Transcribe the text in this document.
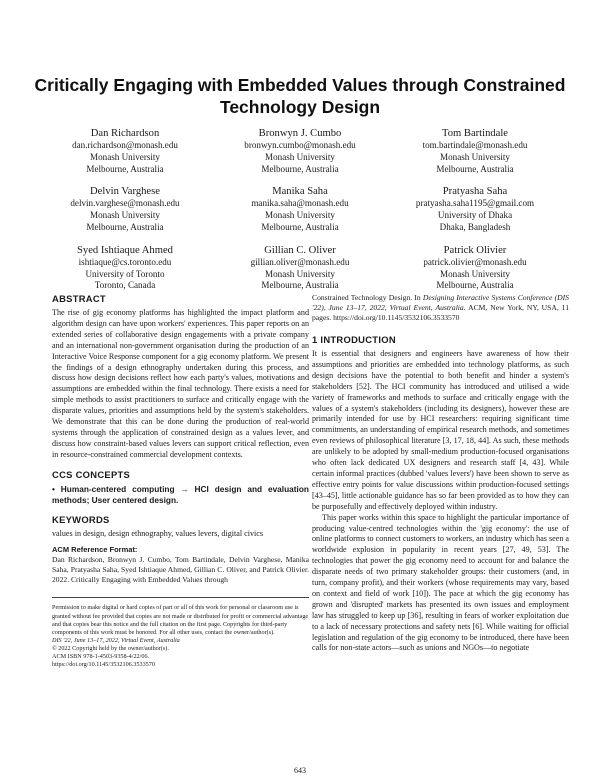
Critically Engaging with Embedded Values through Constrained Technology Design
Dan Richardson
dan.richardson@monash.edu
Monash University
Melbourne, Australia
Bronwyn J. Cumbo
bronwyn.cumbo@monash.edu
Monash University
Melbourne, Australia
Tom Bartindale
tom.bartindale@monash.edu
Monash University
Melbourne, Australia
Delvin Varghese
delvin.varghese@monash.edu
Monash University
Melbourne, Australia
Manika Saha
manika.saha@monash.edu
Monash University
Melbourne, Australia
Pratyasha Saha
pratyasha.saha1195@gmail.com
University of Dhaka
Dhaka, Bangladesh
Syed Ishtiaque Ahmed
ishtiaque@cs.toronto.edu
University of Toronto
Toronto, Canada
Gillian C. Oliver
gillian.oliver@monash.edu
Monash University
Melbourne, Australia
Patrick Olivier
patrick.olivier@monash.edu
Monash University
Melbourne, Australia
ABSTRACT

The rise of gig economy platforms has highlighted the impact platform and algorithm design can have upon workers' experiences. This paper reports on an extended series of collaborative design engagements with a private company and an international non-government organisation during the production of an Interactive Voice Response component for a gig economy platform. We present the findings of a design ethnography undertaken during this process, and discuss how design decisions reflect how each party's values, motivations and assumptions are embedded within the final technology. There exists a need for simple methods to assist practitioners to surface and critically engage with the disparate values, priorities and assumptions held by the system's stakeholders. We demonstrate that this can be done during the production of real-world systems through the application of constrained design as a values lever, and discuss how constraint-based values levers can support critical reflection, even in resource-constrained commercial development contexts.

CCS CONCEPTS

• Human-centered computing → HCI design and evaluation methods; User centered design.

KEYWORDS

values in design, design ethnography, values levers, digital civics

ACM Reference Format:

Dan Richardson, Bronwyn J. Cumbo, Tom Bartindale, Delvin Varghese, Manika Saha, Pratyasha Saha, Syed Ishtiaque Ahmed, Gillian C. Oliver, and Patrick Olivier. 2022. Critically Engaging with Embedded Values through

Permission to make digital or hard copies of part or all of this work for personal or classroom use is granted without fee provided that copies are not made or distributed for profit or commercial advantage and that copies bear this notice and the full citation on the first page. Copyrights for third-party components of this work must be honored. For all other uses, contact the owner/author(s).

DIS '22, June 13–17, 2022, Virtual Event, Australia

© 2022 Copyright held by the owner/author(s).

ACM ISBN 978-1-4503-9358-4/22/06.

https://doi.org/10.1145/3532106.3533570

Constrained Technology Design. In Designing Interactive Systems Conference (DIS '22), June 13–17, 2022, Virtual Event, Australia. ACM, New York, NY, USA, 11 pages. https://doi.org/10.1145/3532106.3533570

1 INTRODUCTION

It is essential that designers and engineers have awareness of how their assumptions and priorities are embedded into technology platforms, as such design decisions have the potential to both benefit and hinder a system's stakeholders [52]. The HCI community has introduced and utilised a wide variety of frameworks and methods to surface and critically engage with the values of a system's stakeholders (including its designers), however these are primarily intended for use by HCI researchers: requiring significant time commitments, an understanding of empirical research methods, and sometimes even reviews of philosophical literature [3, 17, 18, 44]. As such, these methods are unlikely to be adopted by small-medium production-focused organisations who often lack dedicated UX designers and research staff [4, 43]. While certain informal practices (dubbed 'values levers') have been shown to serve as effective entry points for value discussions within production-focused settings [43–45], little actionable guidance has so far been provided as to how they can be purposefully and effectively deployed within industry.

This paper works within this space to highlight the particular importance of producing value-centred technologies within the 'gig economy': the use of online platforms to connect customers to workers, an industry which has seen a worldwide explosion in popularity in recent years [27, 49, 53]. The technologies that power the gig economy need to account for and balance the disparate needs of two primary stakeholder groups: their customers (and, in turn, company profit), and their workers (whose requirements may vary, based on context and field of work [10]). The pace at which the gig economy has grown and 'disrupted' markets has presented its own issues and employment law has struggled to keep up [36], resulting in fears of worker exploitation due to a lack of necessary protections and safety nets [6]. While waiting for official legislation and regulation of the gig economy to be introduced, there have been calls for non-state actors—such as unions and NGOs—to negotiate

643
